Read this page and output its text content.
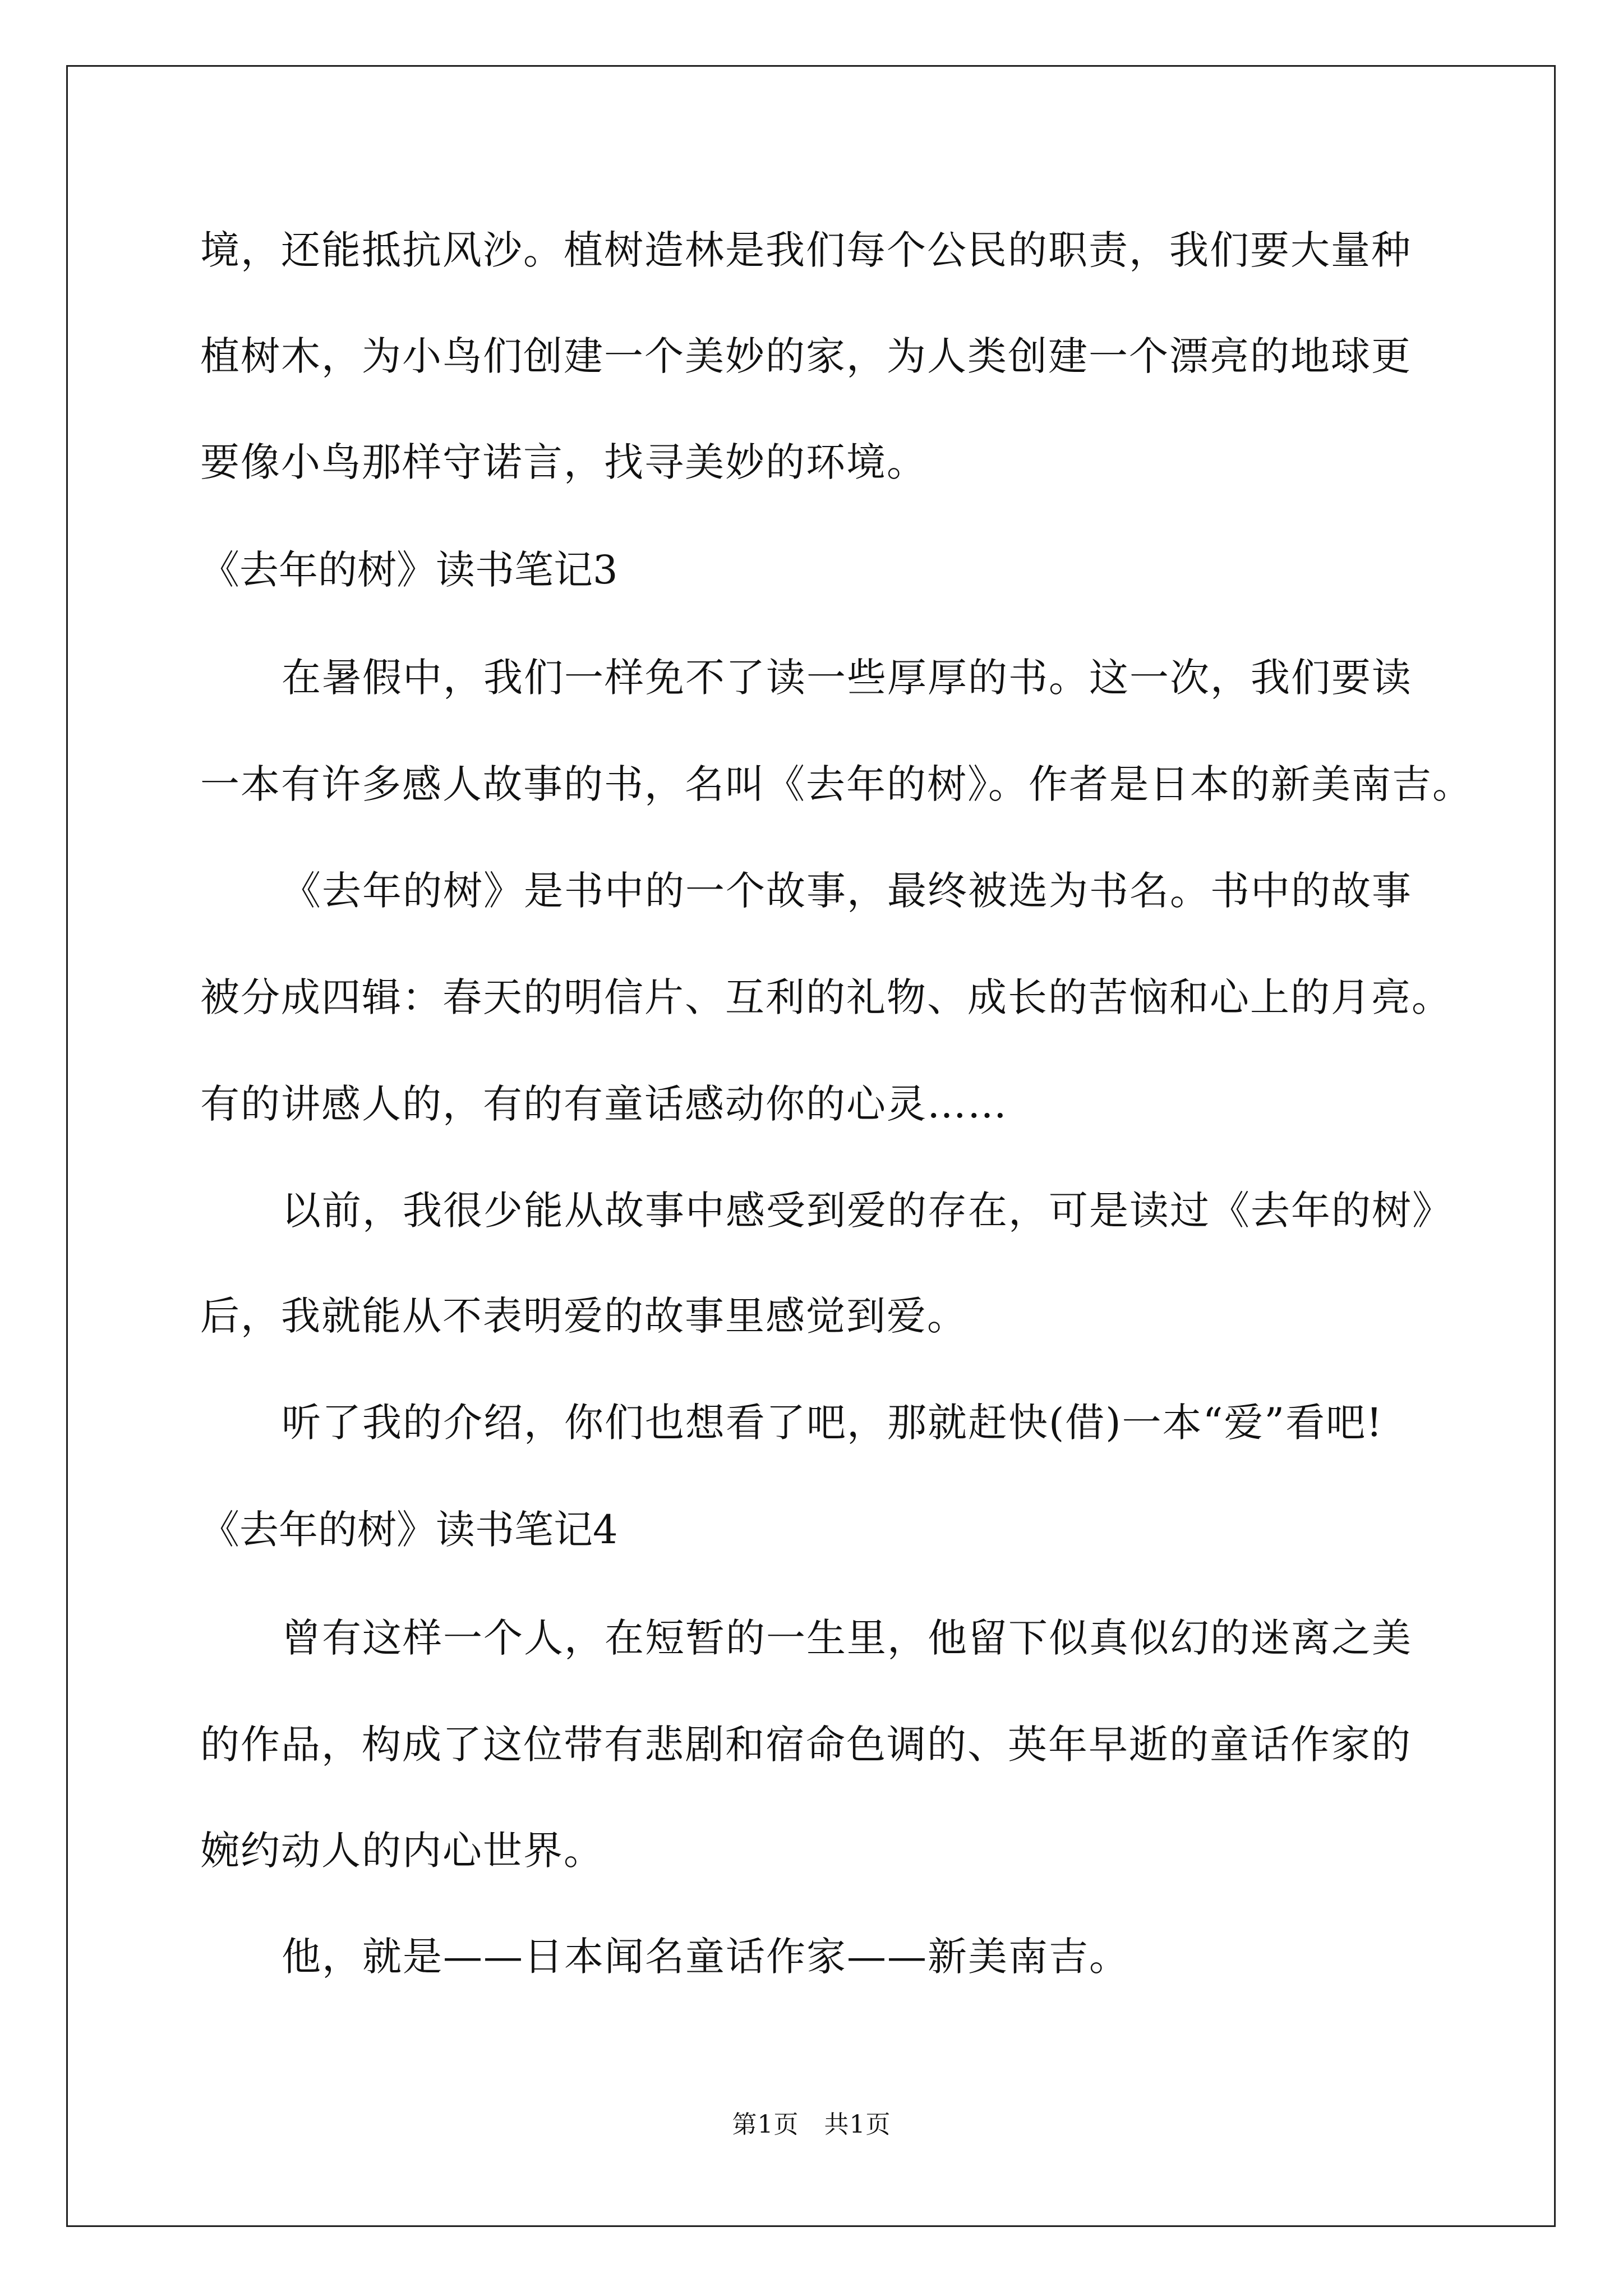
境，还能抵抗风沙。植树造林是我们每个公民的职责，我们要大量种
植树木，为小鸟们创建一个美妙的家，为人类创建一个漂亮的地球更
要像小鸟那样守诺言，找寻美妙的环境。
《去年的树》读书笔记3
在暑假中，我们一样免不了读一些厚厚的书。这一次，我们要读
一本有许多感人故事的书，名叫《去年的树》。作者是日本的新美南吉。
《去年的树》是书中的一个故事，最终被选为书名。书中的故事
被分成四辑：春天的明信片、互利的礼物、成长的苦恼和心上的月亮。
有的讲感人的，有的有童话感动你的心灵……
以前，我很少能从故事中感受到爱的存在，可是读过《去年的树》
后，我就能从不表明爱的故事里感觉到爱。
听了我的介绍，你们也想看了吧，那就赶快(借)一本“爱”看吧!
《去年的树》读书笔记4
曾有这样一个人，在短暂的一生里，他留下似真似幻的迷离之美
的作品，构成了这位带有悲剧和宿命色调的、英年早逝的童话作家的
婉约动人的内心世界。
他，就是——日本闻名童话作家——新美南吉。
第1页　共1页
